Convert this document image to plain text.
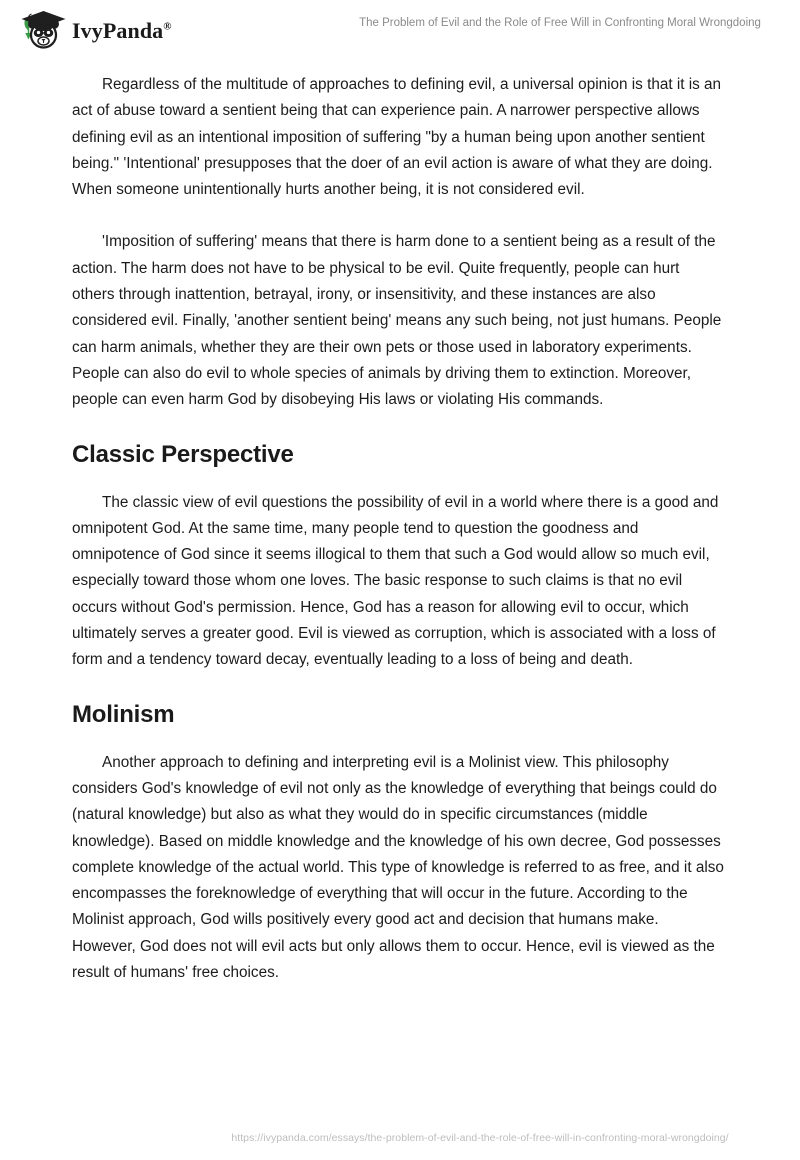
IvyPanda®	The Problem of Evil and the Role of Free Will in Confronting Moral Wrongdoing

Regardless of the multitude of approaches to defining evil, a universal opinion is that it is an act of abuse toward a sentient being that can experience pain. A narrower perspective allows defining evil as an intentional imposition of suffering "by a human being upon another sentient being." 'Intentional' presupposes that the doer of an evil action is aware of what they are doing. When someone unintentionally hurts another being, it is not considered evil.

'Imposition of suffering' means that there is harm done to a sentient being as a result of the action. The harm does not have to be physical to be evil. Quite frequently, people can hurt others through inattention, betrayal, irony, or insensitivity, and these instances are also considered evil. Finally, 'another sentient being' means any such being, not just humans. People can harm animals, whether they are their own pets or those used in laboratory experiments. People can also do evil to whole species of animals by driving them to extinction. Moreover, people can even harm God by disobeying His laws or violating His commands.

Classic Perspective

The classic view of evil questions the possibility of evil in a world where there is a good and omnipotent God. At the same time, many people tend to question the goodness and omnipotence of God since it seems illogical to them that such a God would allow so much evil, especially toward those whom one loves. The basic response to such claims is that no evil occurs without God's permission. Hence, God has a reason for allowing evil to occur, which ultimately serves a greater good. Evil is viewed as corruption, which is associated with a loss of form and a tendency toward decay, eventually leading to a loss of being and death.

Molinism

Another approach to defining and interpreting evil is a Molinist view. This philosophy considers God's knowledge of evil not only as the knowledge of everything that beings could do (natural knowledge) but also as what they would do in specific circumstances (middle knowledge). Based on middle knowledge and the knowledge of his own decree, God possesses complete knowledge of the actual world. This type of knowledge is referred to as free, and it also encompasses the foreknowledge of everything that will occur in the future. According to the Molinist approach, God wills positively every good act and decision that humans make. However, God does not will evil acts but only allows them to occur. Hence, evil is viewed as the result of humans' free choices.

https://ivypanda.com/essays/the-problem-of-evil-and-the-role-of-free-will-in-confronting-moral-wrongdoing/
